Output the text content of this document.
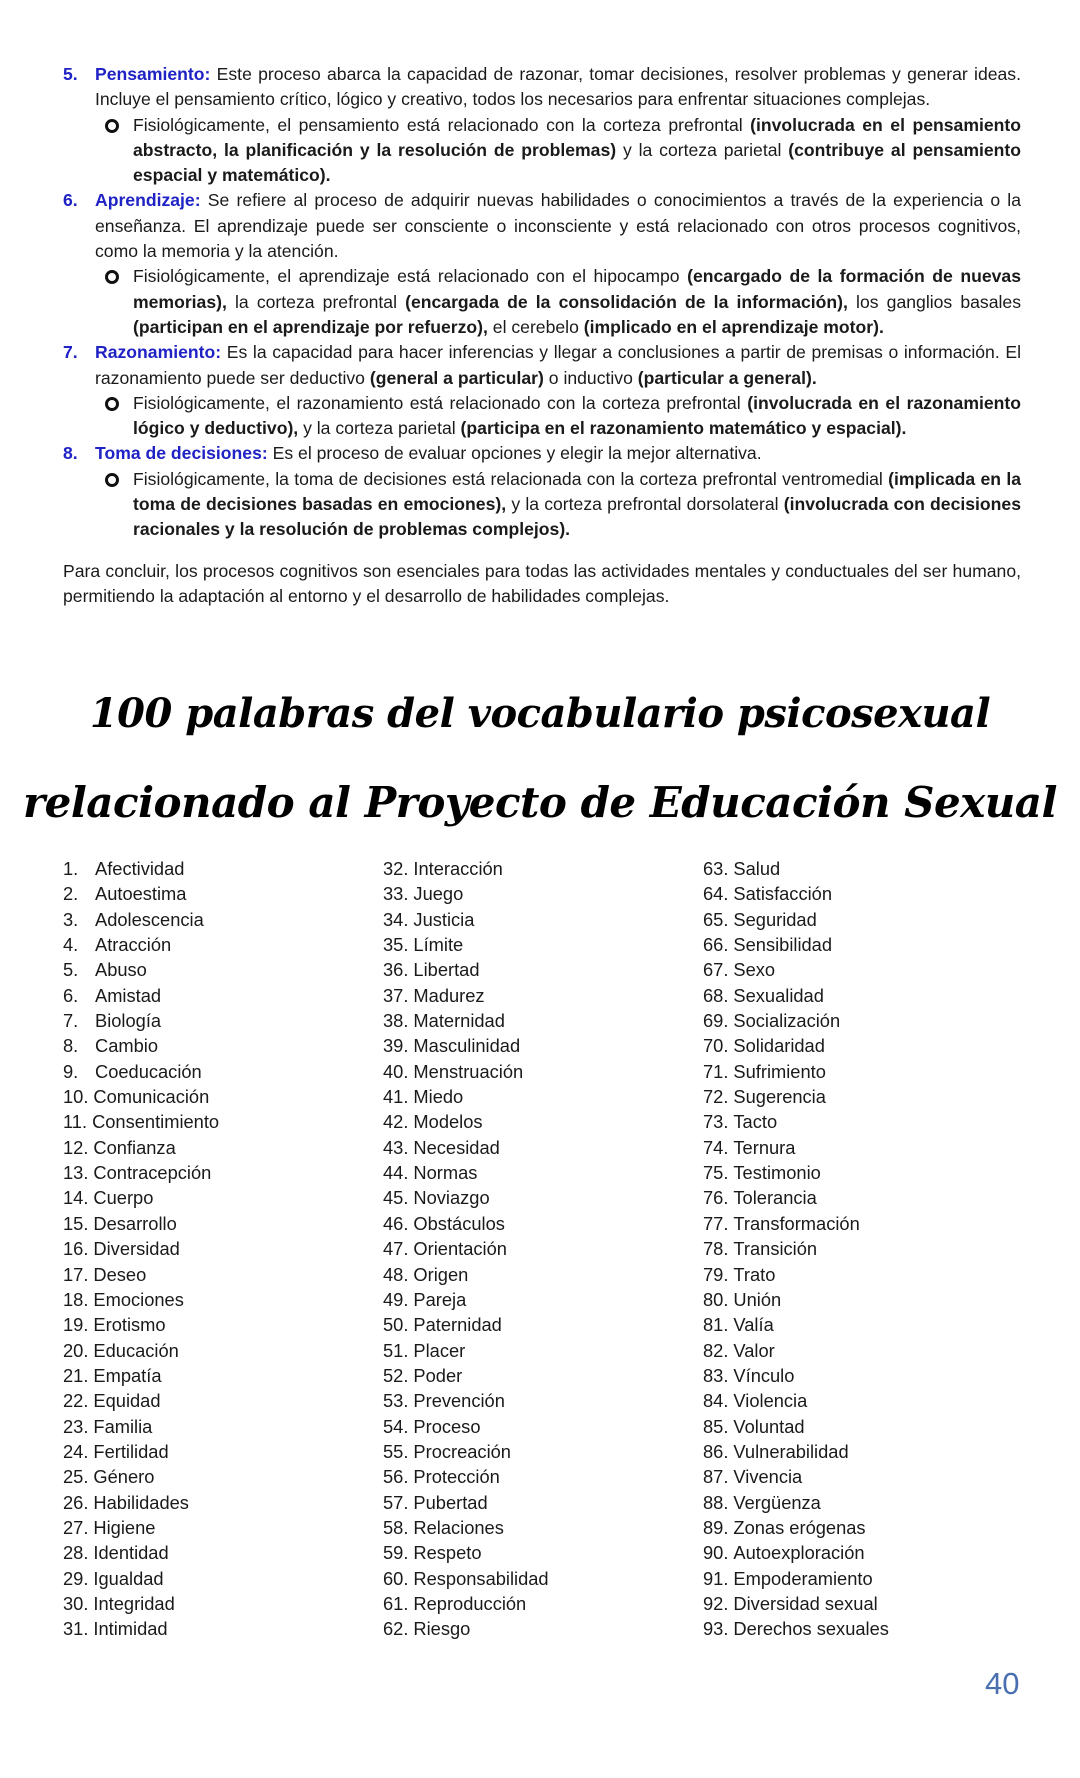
5. Pensamiento: Este proceso abarca la capacidad de razonar, tomar decisiones, resolver problemas y generar ideas. Incluye el pensamiento crítico, lógico y creativo, todos los necesarios para enfrentar situaciones complejas.
Fisiológicamente, el pensamiento está relacionado con la corteza prefrontal (involucrada en el pensamiento abstracto, la planificación y la resolución de problemas) y la corteza parietal (contribuye al pensamiento espacial y matemático).
6. Aprendizaje: Se refiere al proceso de adquirir nuevas habilidades o conocimientos a través de la experiencia o la enseñanza. El aprendizaje puede ser consciente o inconsciente y está relacionado con otros procesos cognitivos, como la memoria y la atención.
Fisiológicamente, el aprendizaje está relacionado con el hipocampo (encargado de la formación de nuevas memorias), la corteza prefrontal (encargada de la consolidación de la información), los ganglios basales (participan en el aprendizaje por refuerzo), el cerebelo (implicado en el aprendizaje motor).
7. Razonamiento: Es la capacidad para hacer inferencias y llegar a conclusiones a partir de premisas o información. El razonamiento puede ser deductivo (general a particular) o inductivo (particular a general).
Fisiológicamente, el razonamiento está relacionado con la corteza prefrontal (involucrada en el razonamiento lógico y deductivo), y la corteza parietal (participa en el razonamiento matemático y espacial).
8. Toma de decisiones: Es el proceso de evaluar opciones y elegir la mejor alternativa.
Fisiológicamente, la toma de decisiones está relacionada con la corteza prefrontal ventromedial (implicada en la toma de decisiones basadas en emociones), y la corteza prefrontal dorsolateral (involucrada con decisiones racionales y la resolución de problemas complejos).
Para concluir, los procesos cognitivos son esenciales para todas las actividades mentales y conductuales del ser humano, permitiendo la adaptación al entorno y el desarrollo de habilidades complejas.
100 palabras del vocabulario psicosexual
relacionado al Proyecto de Educación Sexual
1. Afectividad
2. Autoestima
3. Adolescencia
4. Atracción
5. Abuso
6. Amistad
7. Biología
8. Cambio
9. Coeducación
10. Comunicación
11. Consentimiento
12. Confianza
13. Contracepción
14. Cuerpo
15. Desarrollo
16. Diversidad
17. Deseo
18. Emociones
19. Erotismo
20. Educación
21. Empatía
22. Equidad
23. Familia
24. Fertilidad
25. Género
26. Habilidades
27. Higiene
28. Identidad
29. Igualdad
30. Integridad
31. Intimidad
32. Interacción
33. Juego
34. Justicia
35. Límite
36. Libertad
37. Madurez
38. Maternidad
39. Masculinidad
40. Menstruación
41. Miedo
42. Modelos
43. Necesidad
44. Normas
45. Noviazgo
46. Obstáculos
47. Orientación
48. Origen
49. Pareja
50. Paternidad
51. Placer
52. Poder
53. Prevención
54. Proceso
55. Procreación
56. Protección
57. Pubertad
58. Relaciones
59. Respeto
60. Responsabilidad
61. Reproducción
62. Riesgo
63. Salud
64. Satisfacción
65. Seguridad
66. Sensibilidad
67. Sexo
68. Sexualidad
69. Socialización
70. Solidaridad
71. Sufrimiento
72. Sugerencia
73. Tacto
74. Ternura
75. Testimonio
76. Tolerancia
77. Transformación
78. Transición
79. Trato
80. Unión
81. Valía
82. Valor
83. Vínculo
84. Violencia
85. Voluntad
86. Vulnerabilidad
87. Vivencia
88. Vergüenza
89. Zonas erógenas
90. Autoexploración
91. Empoderamiento
92. Diversidad sexual
93. Derechos sexuales
40
